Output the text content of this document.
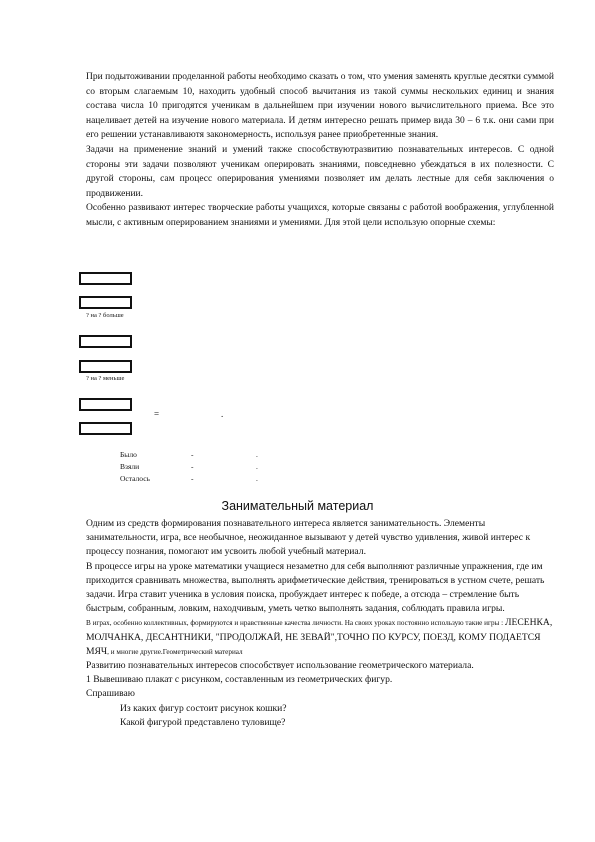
При подытоживании проделанной работы необходимо сказать о том, что умения заменять круглые десятки суммой со вторым слагаемым 10, находить удобный способ вычитания из такой суммы нескольких единиц и знания состава числа 10 пригодятся ученикам в дальнейшем при изучении нового вычислительного приема. Все это нацеливает детей на изучение нового материала. И детям интересно решать пример вида 30 – 6 т.к. они сами при его решении устанавливаютя закономерность, используя ранее приобретенные знания.

Задачи на применение знаний и умений также способствуютразвитию познавательных интересов. С одной стороны эти задачи позволяют ученикам оперировать знаниями, повседневно убеждаться в их полезности. С другой стороны, сам процесс оперирования умениями позволяет им делать лестные для себя заключения о продвижении.

Особенно развивают интерес творческие работы учащихся, которые связаны с работой воображения, углубленной мысли, с активным оперированием знаниями и умениями. Для этой цели использую опорные схемы:

? на ? больше
? на ? меньше
=	.
Было	-	.
Взяли	-	.
Осталось	-	.
Занимательный материал

Одним из средств формирования познавательного интереса является занимательность. Элементы занимательности, игра, все необычное, неожиданное вызывают у детей чувство удивления, живой интерес к процессу познания, помогают им усвоить любой учебный материал.

В процессе игры на уроке математики учащиеся незаметно для себя выполняют различные упражнения, где им приходится сравнивать множества, выполнять арифметические действия, тренироваться в устном счете, решать задачи. Игра ставит ученика в условия поиска, пробуждает интерес к победе, а отсюда – стремление быть быстрым, собранным, ловким, находчивым, уметь четко выполнять задания, соблюдать правила игры.

В играх, особенно коллективных, формируются и нравственные качества личности. На своих уроках постоянно использую такие игры : ЛЕСЕНКА, МОЛЧАНКА, ДЕСАНТНИКИ, "ПРОДОЛЖАЙ, НЕ ЗЕВАЙ",ТОЧНО ПО КУРСУ, ПОЕЗД, КОМУ ПОДАЕТСЯ МЯЧ, и многие другие.Геометрический материал

Развитию познавательных интересов способствует использование геометрического материала.

1 Вывешиваю плакат с рисунком, составленным из геометрических фигур.

Спрашиваю

Из каких фигур состоит рисунок кошки?

Какой фигурой представлено туловище?
